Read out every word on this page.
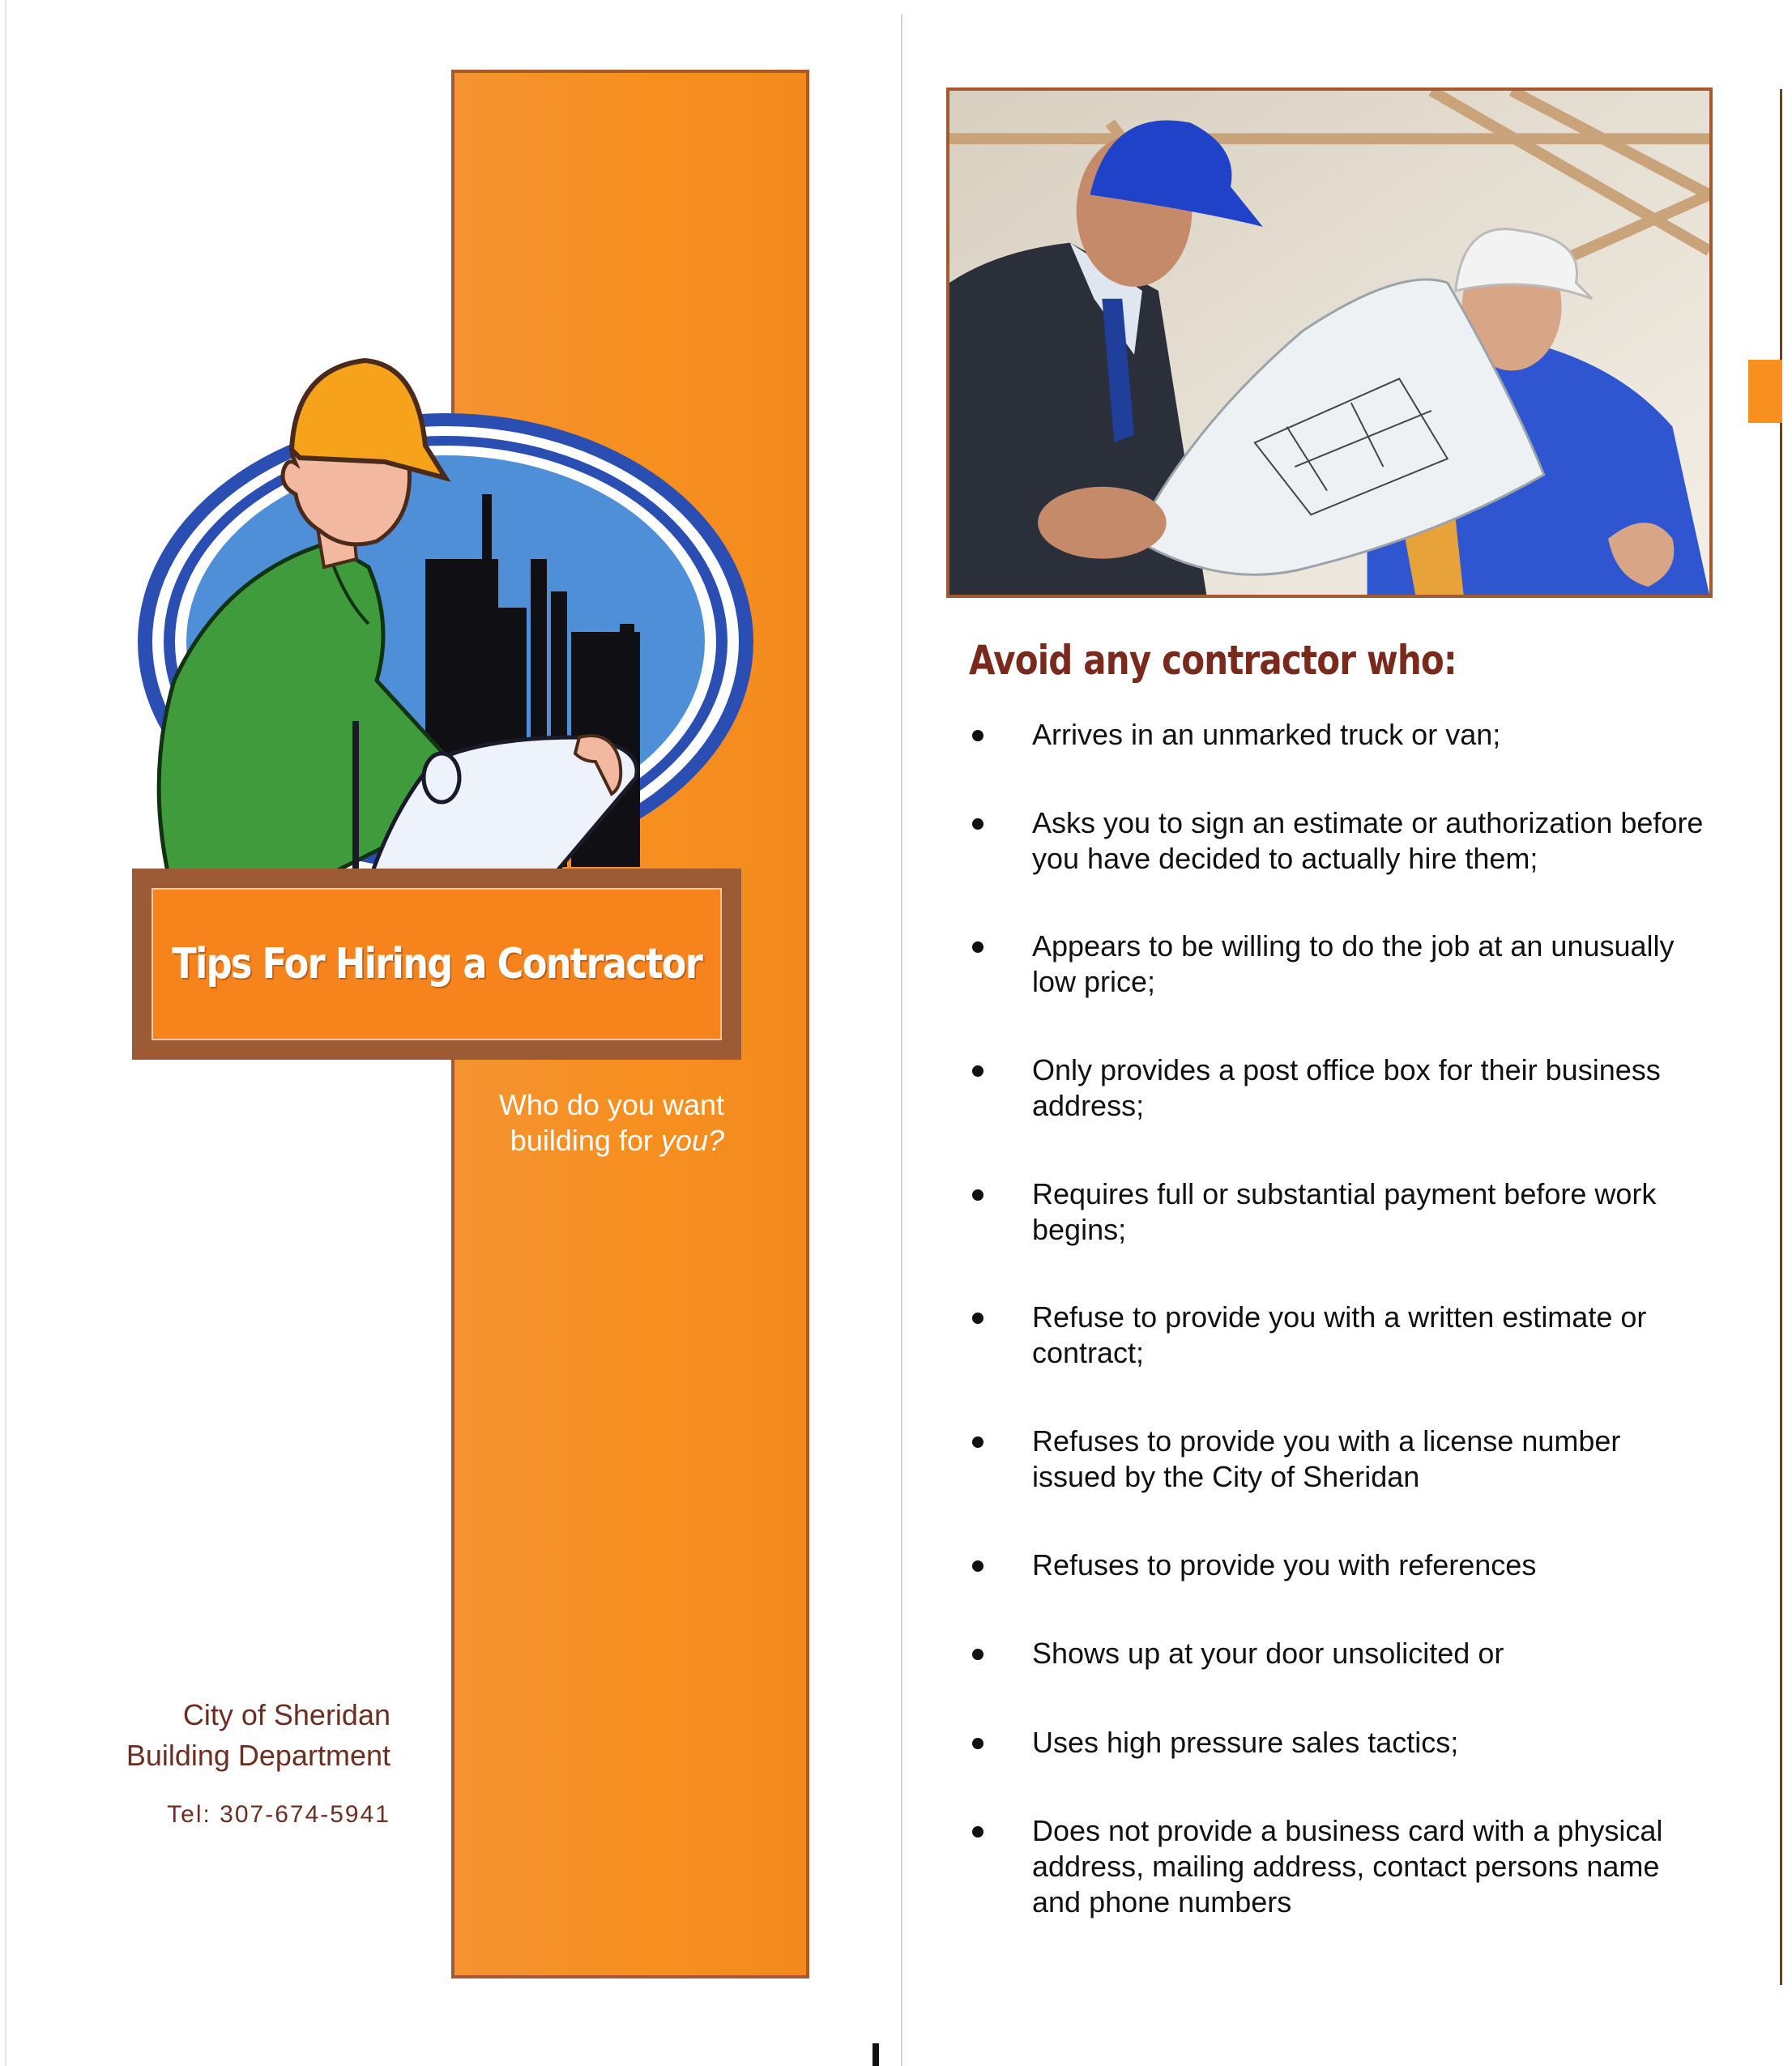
Tips For Hiring a Contractor
Who do you want
building for you?
City of Sheridan
Building Department
Tel: 307-674-5941
Avoid any contractor who:
Arrives in an unmarked truck or van;
Asks you to sign an estimate or authorization before you have decided to actually hire them;
Appears to be willing to do the job at an unusually low price;
Only provides a post office box for their business address;
Requires full or substantial payment before work begins;
Refuse to provide you with a written estimate or contract;
Refuses to provide you with a license number issued by the City of Sheridan
Refuses to provide you with references
Shows up at your door unsolicited or
Uses high pressure sales tactics;
Does not provide a business card with a physical address, mailing address, contact persons name and phone numbers
